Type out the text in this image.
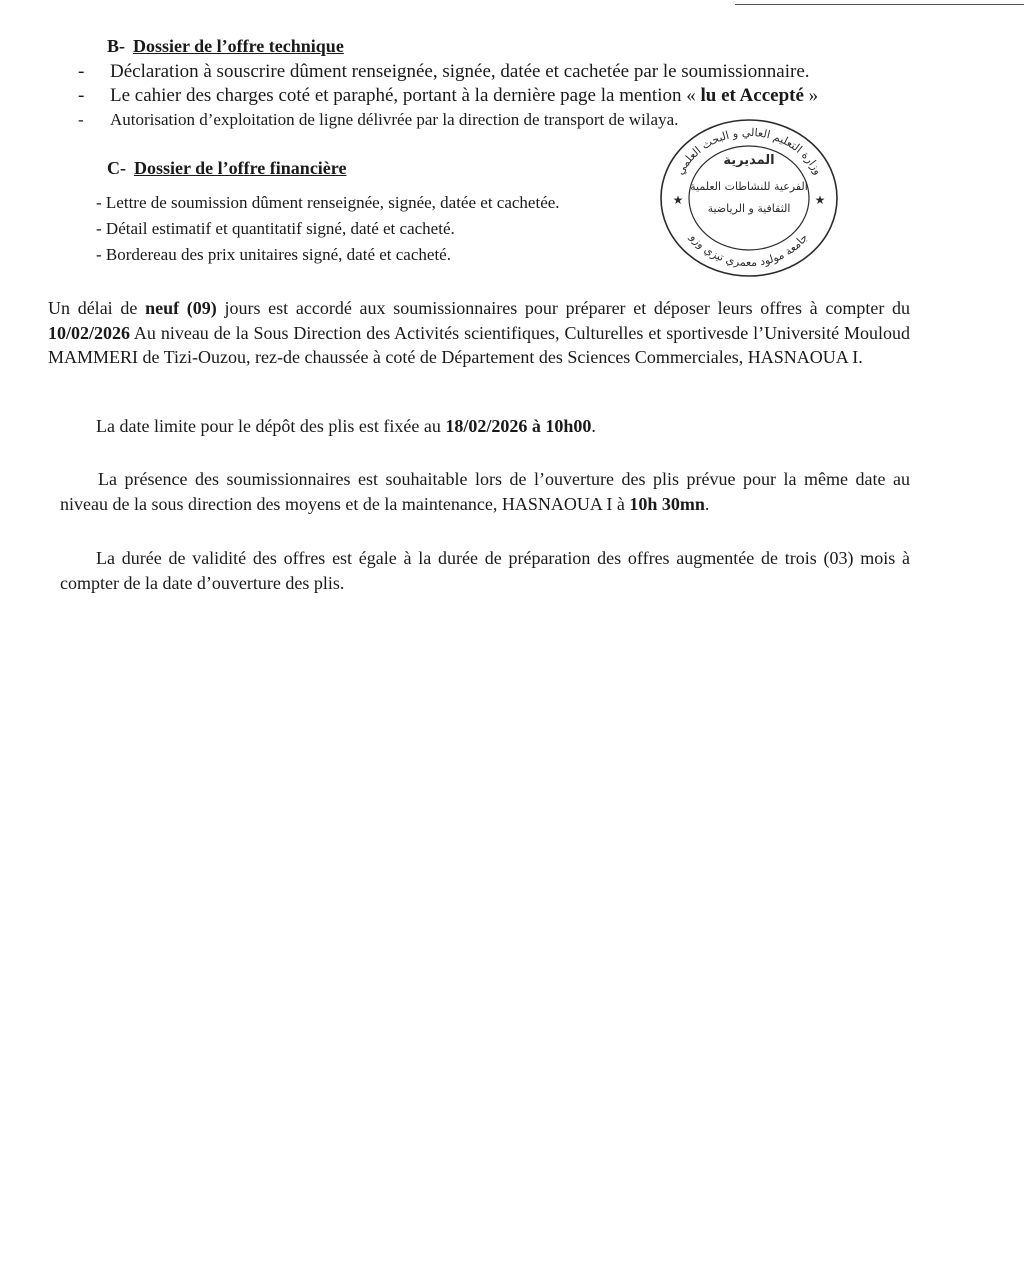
B- Dossier de l’offre technique
- Déclaration à souscrire dûment renseignée, signée, datée et cachetée par le soumissionnaire.
- Le cahier des charges coté et paraphé, portant à la dernière page la mention « lu et Accepté »
- Autorisation d’exploitation de ligne délivrée par la direction de transport de wilaya.
C- Dossier de l’offre financière
- Lettre de soumission dûment renseignée, signée, datée et cachetée.
- Détail estimatif et quantitatif signé, daté et cacheté.
- Bordereau des prix unitaires signé, daté et cacheté.
المديرية
الفرعية للنشاطات العلمية
الثقافية و الرياضية
★	★
وزارة التعليم العالي و البحث العلمي
جامعة مولود معمري تيزي وزو
Un délai de neuf (09) jours est accordé aux soumissionnaires pour préparer et déposer leurs offres à compter du 10/02/2026 Au niveau de la Sous Direction des Activités scientifiques, Culturelles et sportivesde l’Université Mouloud MAMMERI de Tizi-Ouzou, rez-de chaussée à coté de Département des Sciences Commerciales, HASNAOUA I.
La date limite pour le dépôt des plis est fixée au 18/02/2026 à 10h00.
La présence des soumissionnaires est souhaitable lors de l’ouverture des plis prévue pour la même date au niveau de la sous direction des moyens et de la maintenance, HASNAOUA I à 10h 30mn.
La durée de validité des offres est égale à la durée de préparation des offres augmentée de trois (03) mois à compter de la date d’ouverture des plis.
